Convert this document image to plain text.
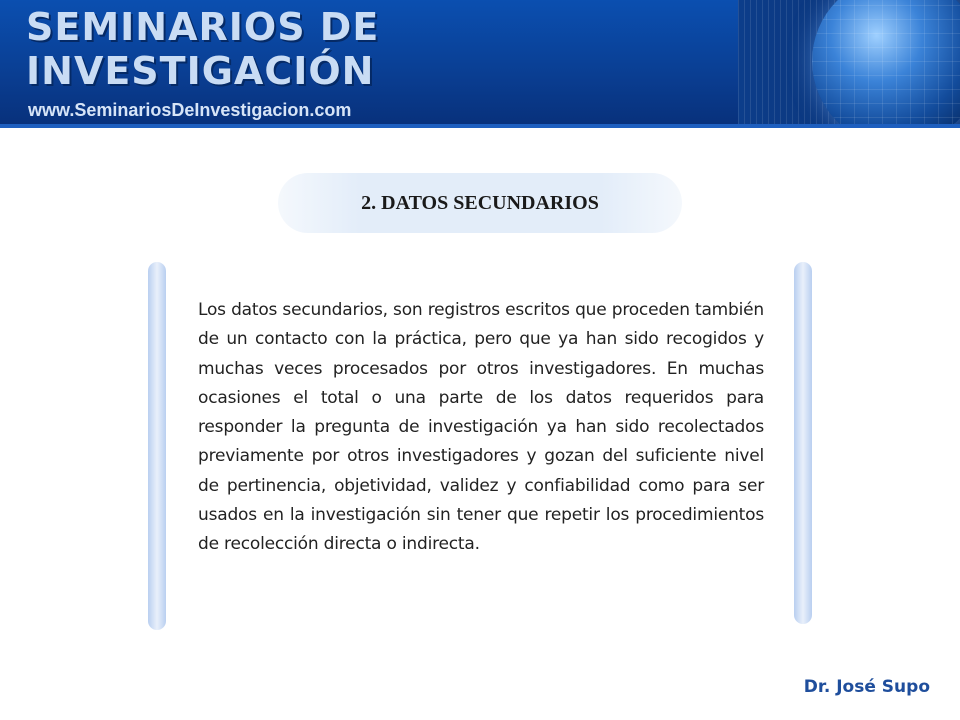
SEMINARIOS DE
INVESTIGACIÓN
www.SeminariosDeInvestigacion.com
2. DATOS SECUNDARIOS

Los datos secundarios, son registros escritos que proceden también de un contacto con la práctica, pero que ya han sido recogidos y muchas veces procesados por otros investigadores. En muchas ocasiones el total o una parte de los datos requeridos para responder la pregunta de investigación ya han sido recolectados previamente por otros investigadores y gozan del suficiente nivel de pertinencia, objetividad, validez y confiabilidad como para ser usados en la investigación sin tener que repetir los procedimientos de recolección directa o indirecta.

Dr. José Supo
